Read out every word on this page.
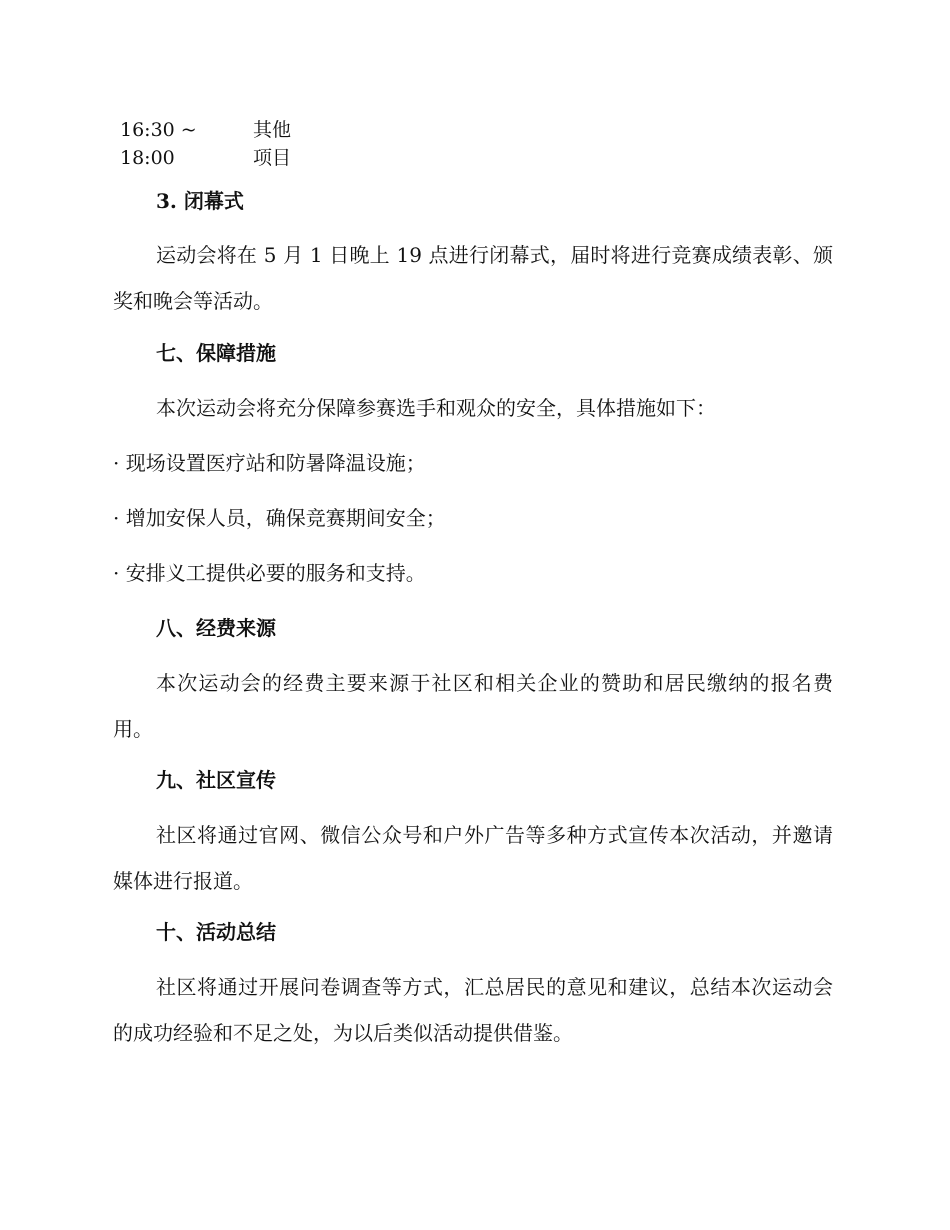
16:30 ~	其他
18:00	项目
3. 闭幕式
运动会将在 5 月 1 日晚上 19 点进行闭幕式，届时将进行竞赛成绩表彰、颁奖和晚会等活动。
七、保障措施
本次运动会将充分保障参赛选手和观众的安全，具体措施如下：
· 现场设置医疗站和防暑降温设施；
· 增加安保人员，确保竞赛期间安全；
· 安排义工提供必要的服务和支持。
八、经费来源
本次运动会的经费主要来源于社区和相关企业的赞助和居民缴纳的报名费用。
九、社区宣传
社区将通过官网、微信公众号和户外广告等多种方式宣传本次活动，并邀请媒体进行报道。
十、活动总结
社区将通过开展问卷调查等方式，汇总居民的意见和建议，总结本次运动会的成功经验和不足之处，为以后类似活动提供借鉴。
